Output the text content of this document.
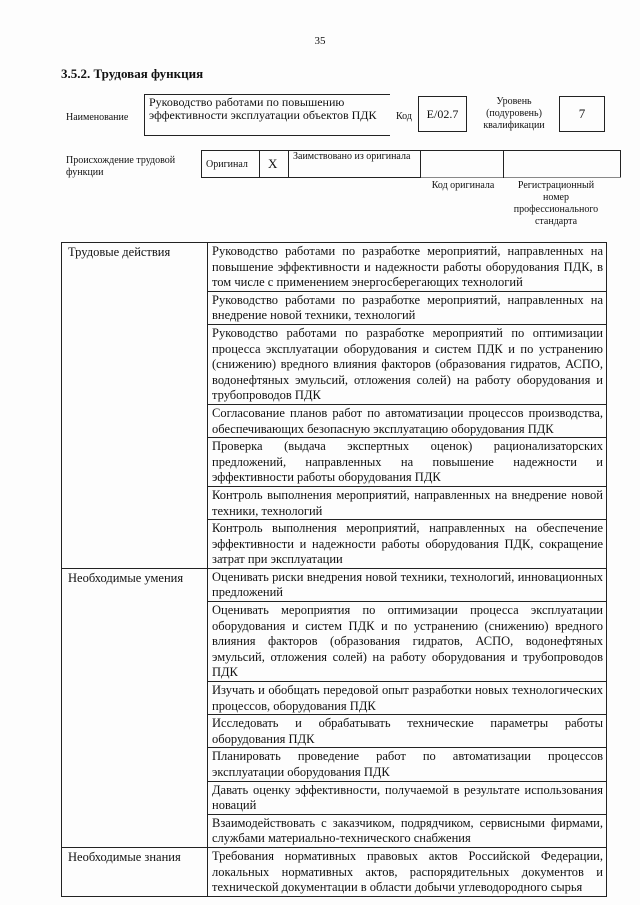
35
3.5.2. Трудовая функция
Наименование
Руководство работами по повышению эффективности эксплуатации объектов ПДК	Код	E/02.7
Уровень (подуровень) квалификации
7
Происхождение трудовой функции
Оригинал X Заимствовано из оригинала
Код оригинала	Регистрационный номер профессионального стандарта
Трудовые действия	Руководство работами по разработке мероприятий, направленных на повышение эффективности и надежности работы оборудования ПДК, в том числе с применением энергосберегающих технологий
	Руководство работами по разработке мероприятий, направленных на внедрение новой техники, технологий
	Руководство работами по разработке мероприятий по оптимизации процесса эксплуатации оборудования и систем ПДК и по устранению (снижению) вредного влияния факторов (образования гидратов, АСПО, водонефтяных эмульсий, отложения солей) на работу оборудования и трубопроводов ПДК
	Согласование планов работ по автоматизации процессов производства, обеспечивающих безопасную эксплуатацию оборудования ПДК
	Проверка (выдача экспертных оценок) рационализаторских предложений, направленных на повышение надежности и эффективности работы оборудования ПДК
	Контроль выполнения мероприятий, направленных на внедрение новой техники, технологий
	Контроль выполнения мероприятий, направленных на обеспечение эффективности и надежности работы оборудования ПДК, сокращение затрат при эксплуатации
Необходимые умения	Оценивать риски внедрения новой техники, технологий, инновационных предложений
	Оценивать мероприятия по оптимизации процесса эксплуатации оборудования и систем ПДК и по устранению (снижению) вредного влияния факторов (образования гидратов, АСПО, водонефтяных эмульсий, отложения солей) на работу оборудования и трубопроводов ПДК
	Изучать и обобщать передовой опыт разработки новых технологических процессов, оборудования ПДК
	Исследовать и обрабатывать технические параметры работы оборудования ПДК
	Планировать проведение работ по автоматизации процессов эксплуатации оборудования ПДК
	Давать оценку эффективности, получаемой в результате использования новаций
	Взаимодействовать с заказчиком, подрядчиком, сервисными фирмами, службами материально-технического снабжения
Необходимые знания	Требования нормативных правовых актов Российской Федерации, локальных нормативных актов, распорядительных документов и технической документации в области добычи углеводородного сырья
